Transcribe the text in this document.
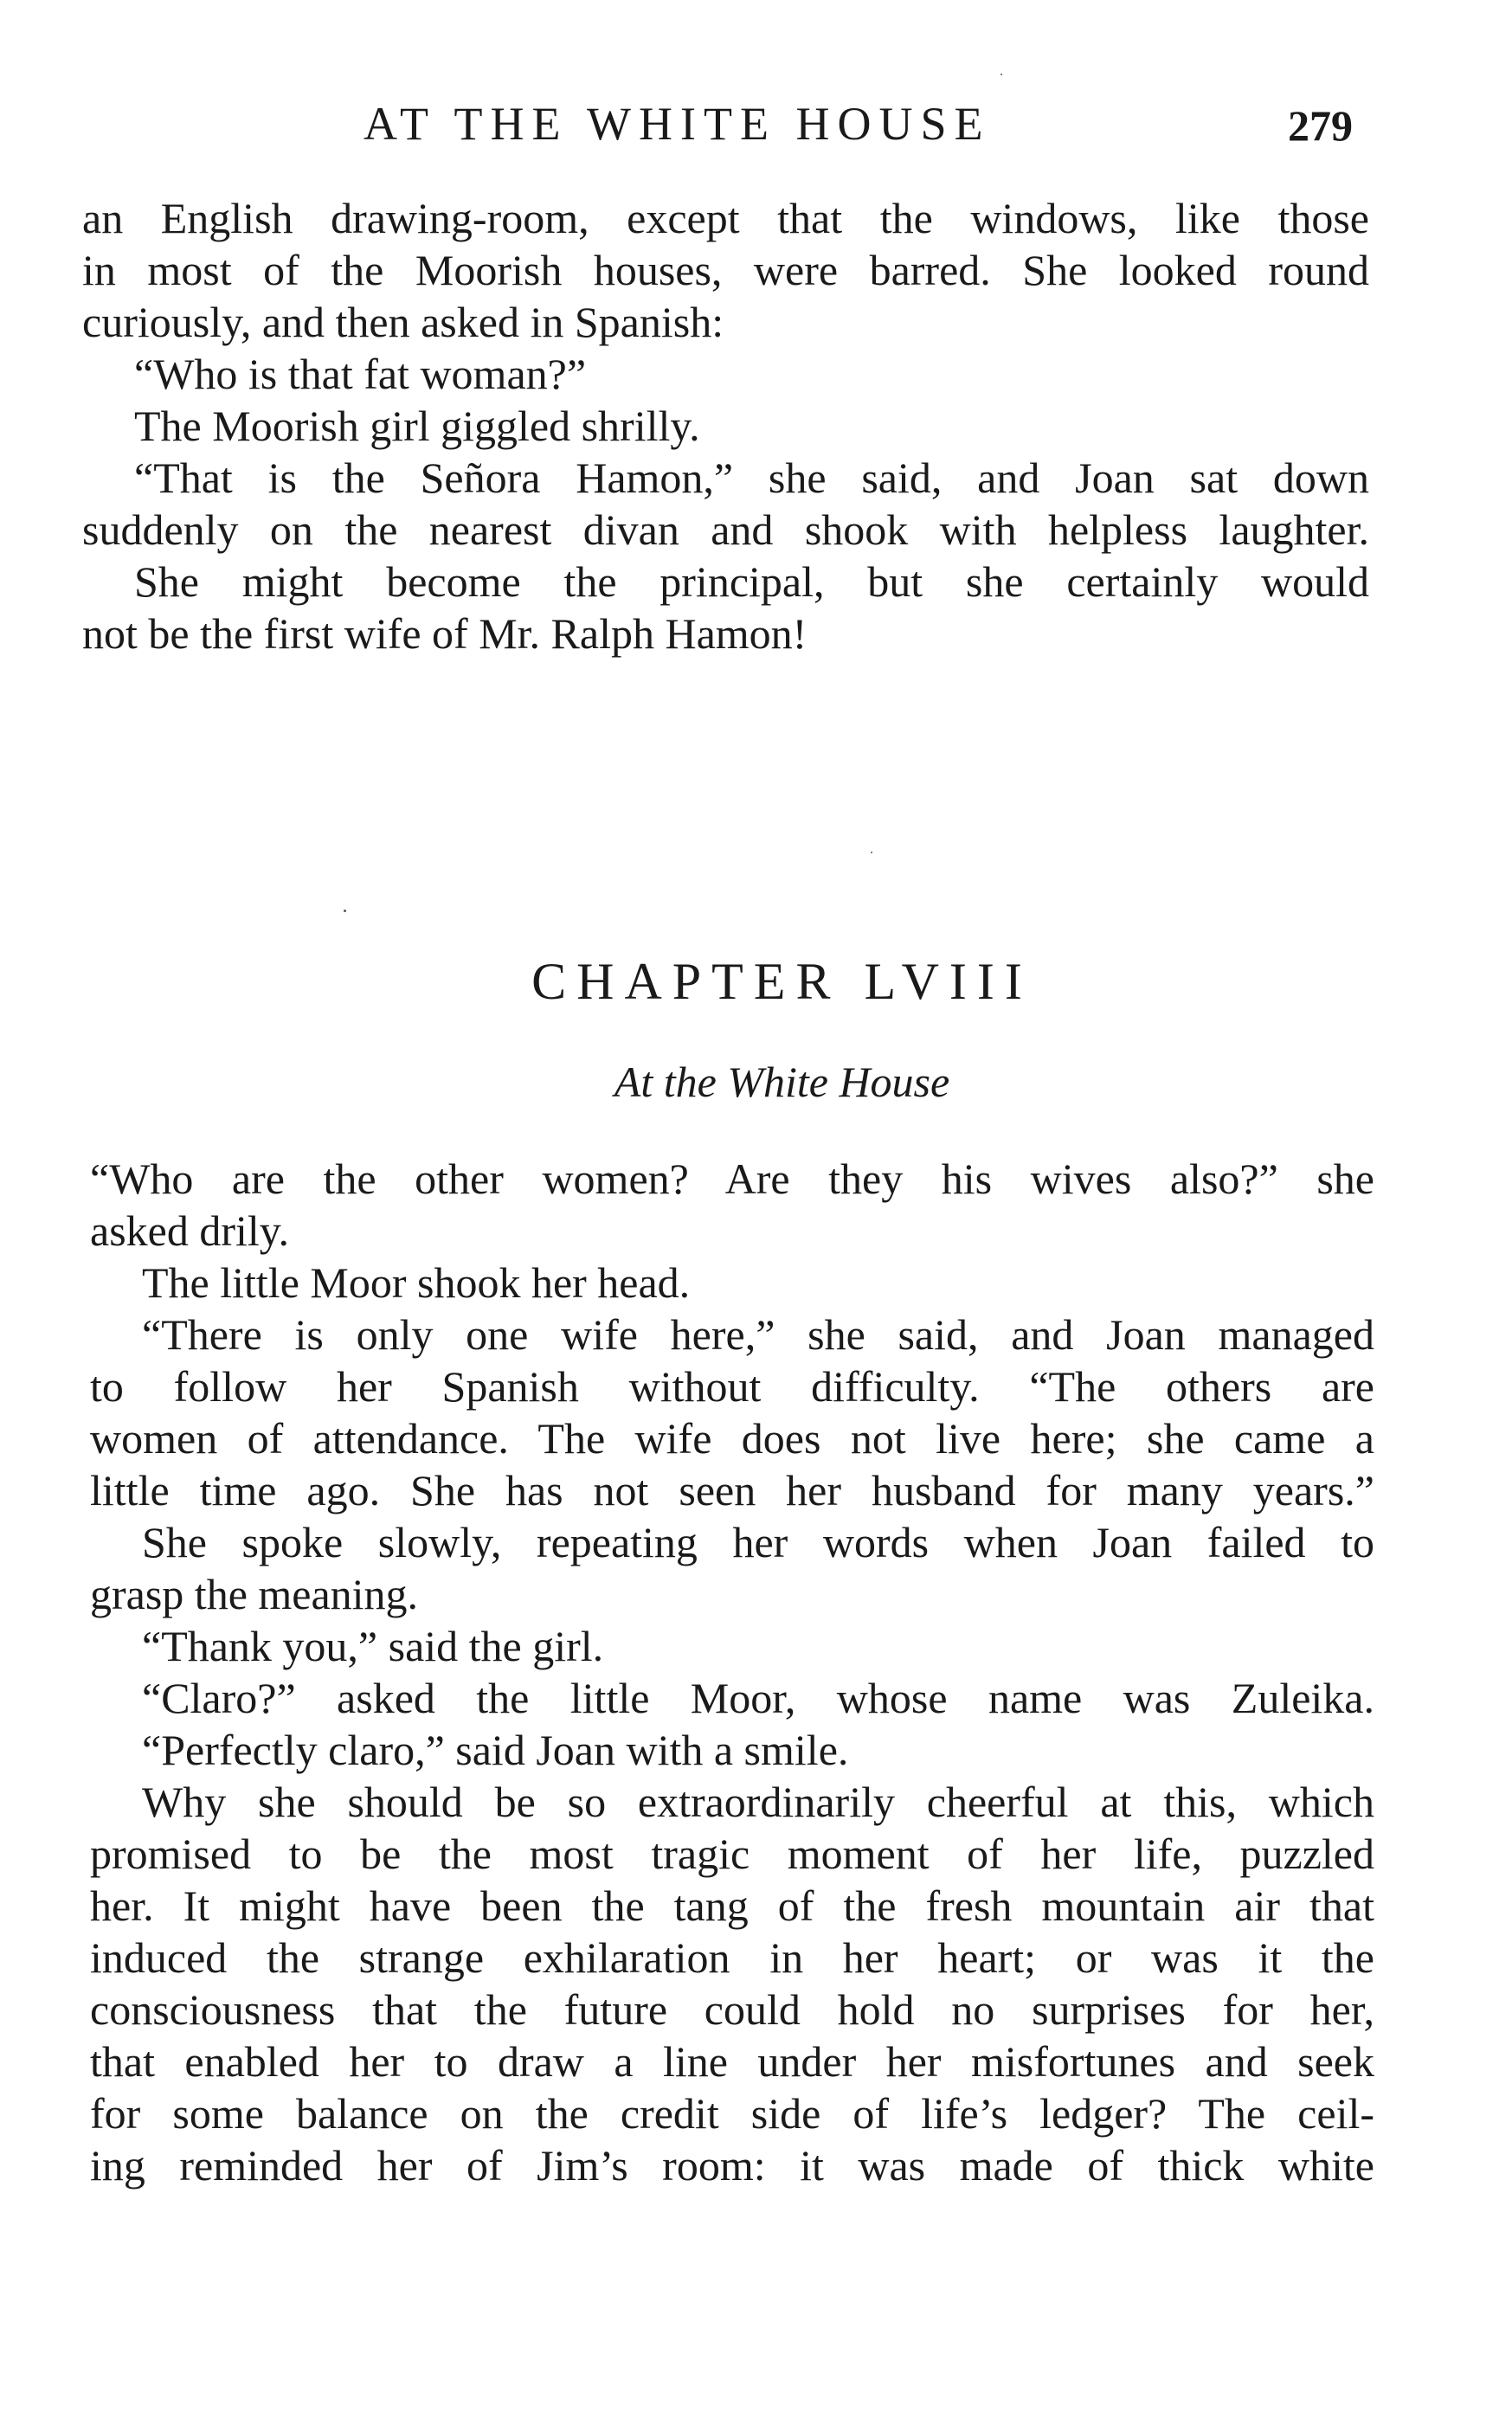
AT THE WHITE HOUSE	279
an English drawing-room, except that the windows, like those
in most of the Moorish houses, were barred. She looked round
curiously, and then asked in Spanish:
“Who is that fat woman?”
The Moorish girl giggled shrilly.
“That is the Señora Hamon,” she said, and Joan sat down
suddenly on the nearest divan and shook with helpless laughter.
She might become the principal, but she certainly would
not be the first wife of Mr. Ralph Hamon!
CHAPTER LVIII
At the White House
“Who are the other women? Are they his wives also?” she
asked drily.
The little Moor shook her head.
“There is only one wife here,” she said, and Joan managed
to follow her Spanish without difficulty. “The others are
women of attendance. The wife does not live here; she came a
little time ago. She has not seen her husband for many years.”
She spoke slowly, repeating her words when Joan failed to
grasp the meaning.
“Thank you,” said the girl.
“Claro?” asked the little Moor, whose name was Zuleika.
“Perfectly claro,” said Joan with a smile.
Why she should be so extraordinarily cheerful at this, which
promised to be the most tragic moment of her life, puzzled
her. It might have been the tang of the fresh mountain air that
induced the strange exhilaration in her heart; or was it the
consciousness that the future could hold no surprises for her,
that enabled her to draw a line under her misfortunes and seek
for some balance on the credit side of life’s ledger? The ceil-
ing reminded her of Jim’s room: it was made of thick white
